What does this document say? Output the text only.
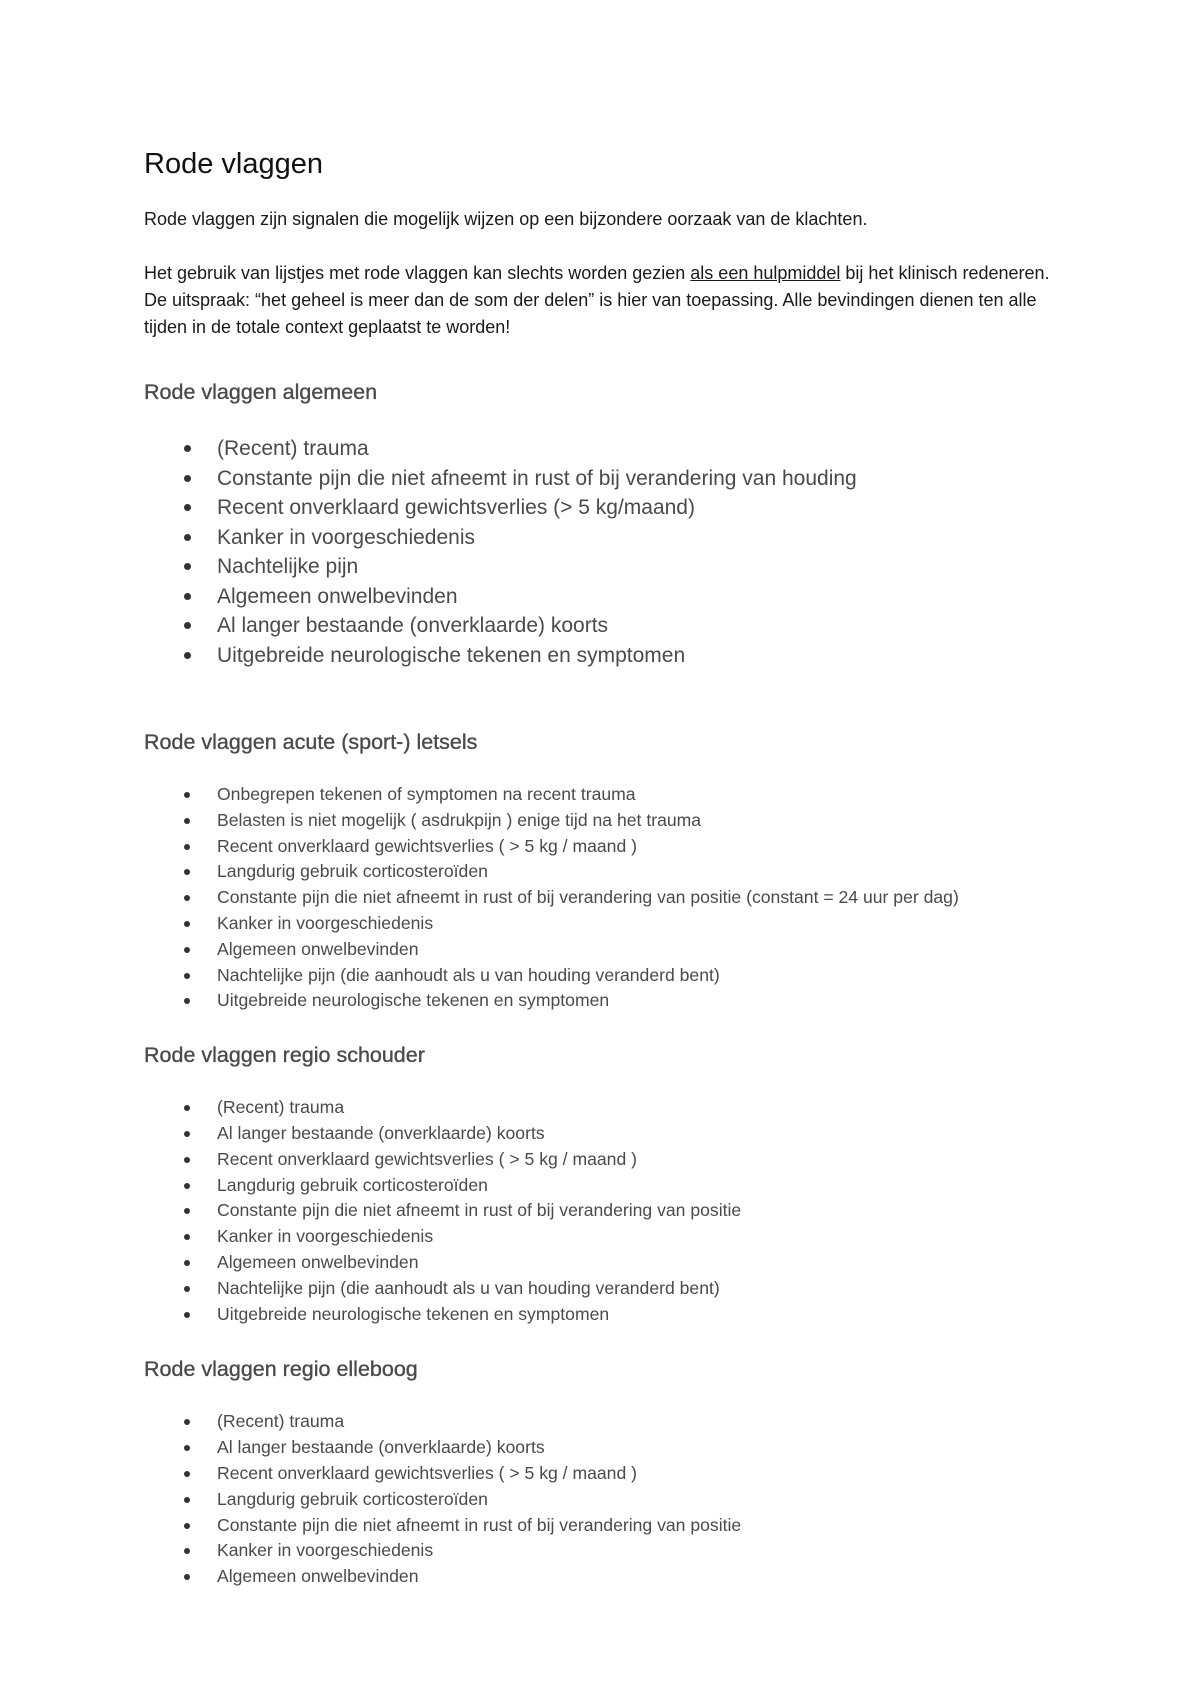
Rode vlaggen

Rode vlaggen zijn signalen die mogelijk wijzen op een bijzondere oorzaak van de klachten.

Het gebruik van lijstjes met rode vlaggen kan slechts worden gezien als een hulpmiddel bij het klinisch redeneren. De uitspraak: “het geheel is meer dan de som der delen” is hier van toepassing. Alle bevindingen dienen ten alle tijden in de totale context geplaatst te worden!

Rode vlaggen algemeen
(Recent) trauma
Constante pijn die niet afneemt in rust of bij verandering van houding
Recent onverklaard gewichtsverlies (> 5 kg/maand)
Kanker in voorgeschiedenis
Nachtelijke pijn
Algemeen onwelbevinden
Al langer bestaande (onverklaarde) koorts
Uitgebreide neurologische tekenen en symptomen
Rode vlaggen acute (sport-) letsels
Onbegrepen tekenen of symptomen na recent trauma
Belasten is niet mogelijk ( asdrukpijn ) enige tijd na het trauma
Recent onverklaard gewichtsverlies ( > 5 kg / maand )
Langdurig gebruik corticosteroïden
Constante pijn die niet afneemt in rust of bij verandering van positie (constant = 24 uur per dag)
Kanker in voorgeschiedenis
Algemeen onwelbevinden
Nachtelijke pijn (die aanhoudt als u van houding veranderd bent)
Uitgebreide neurologische tekenen en symptomen
Rode vlaggen regio schouder
(Recent) trauma
Al langer bestaande (onverklaarde) koorts
Recent onverklaard gewichtsverlies ( > 5 kg / maand )
Langdurig gebruik corticosteroïden
Constante pijn die niet afneemt in rust of bij verandering van positie
Kanker in voorgeschiedenis
Algemeen onwelbevinden
Nachtelijke pijn (die aanhoudt als u van houding veranderd bent)
Uitgebreide neurologische tekenen en symptomen
Rode vlaggen regio elleboog
(Recent) trauma
Al langer bestaande (onverklaarde) koorts
Recent onverklaard gewichtsverlies ( > 5 kg / maand )
Langdurig gebruik corticosteroïden
Constante pijn die niet afneemt in rust of bij verandering van positie
Kanker in voorgeschiedenis
Algemeen onwelbevinden
